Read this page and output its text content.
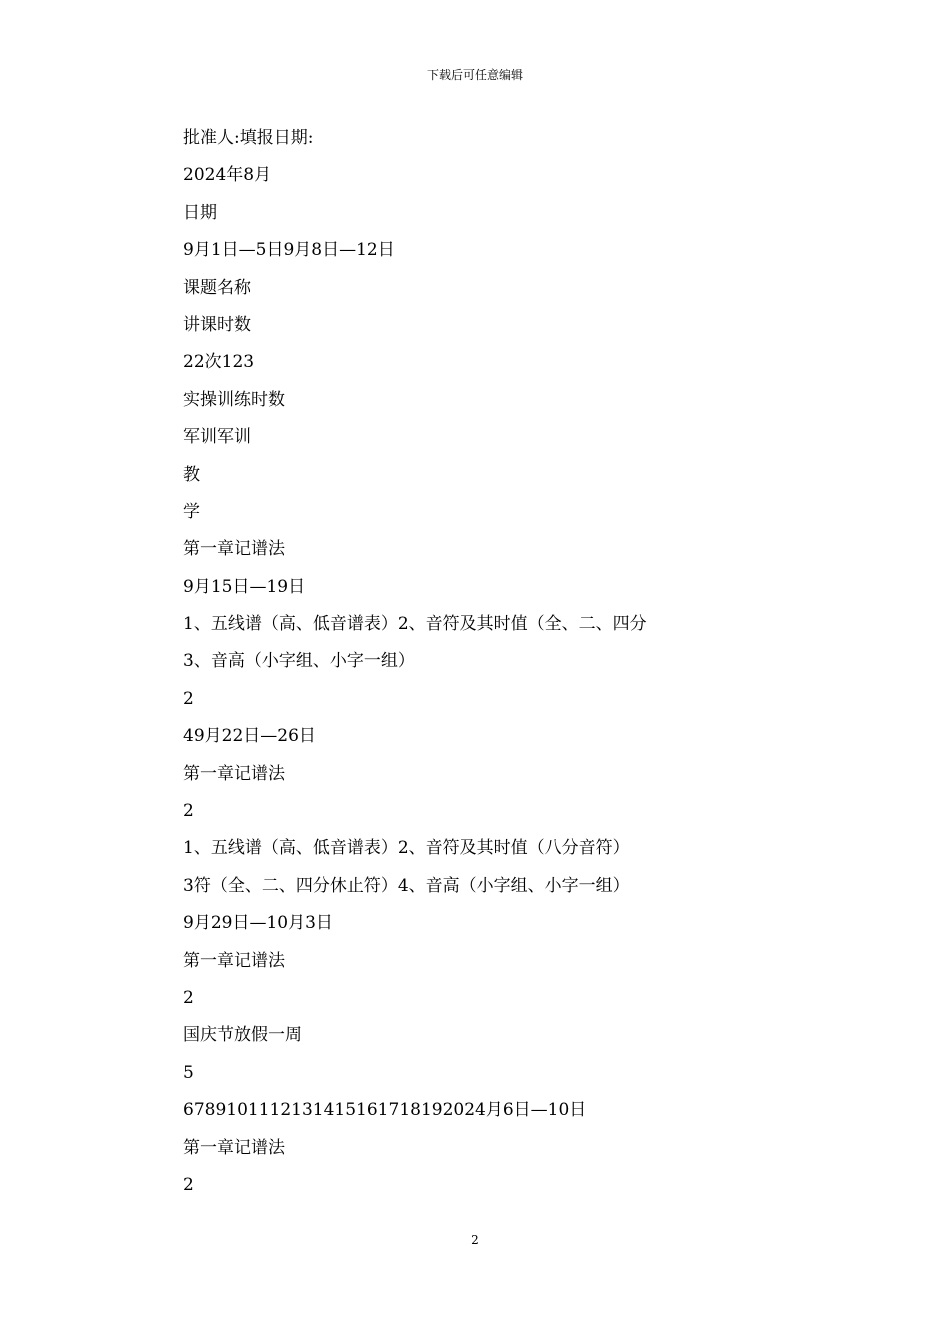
下载后可任意编辑
批准人:填报日期:
2024年8月
日期
9月1日—5日9月8日—12日
课题名称
讲课时数
22次123
实操训练时数
军训军训
教
学
第一章记谱法
9月15日—19日
1、五线谱（高、低音谱表）2、音符及其时值（全、二、四分
3、音高（小字组、小字一组）
2
49月22日—26日
第一章记谱法
2
1、五线谱（高、低音谱表）2、音符及其时值（八分音符）
3符（全、二、四分休止符）4、音高（小字组、小字一组）
9月29日—10月3日
第一章记谱法
2
国庆节放假一周
5
6789101112131415161718192024月6日—10日
第一章记谱法
2
2
